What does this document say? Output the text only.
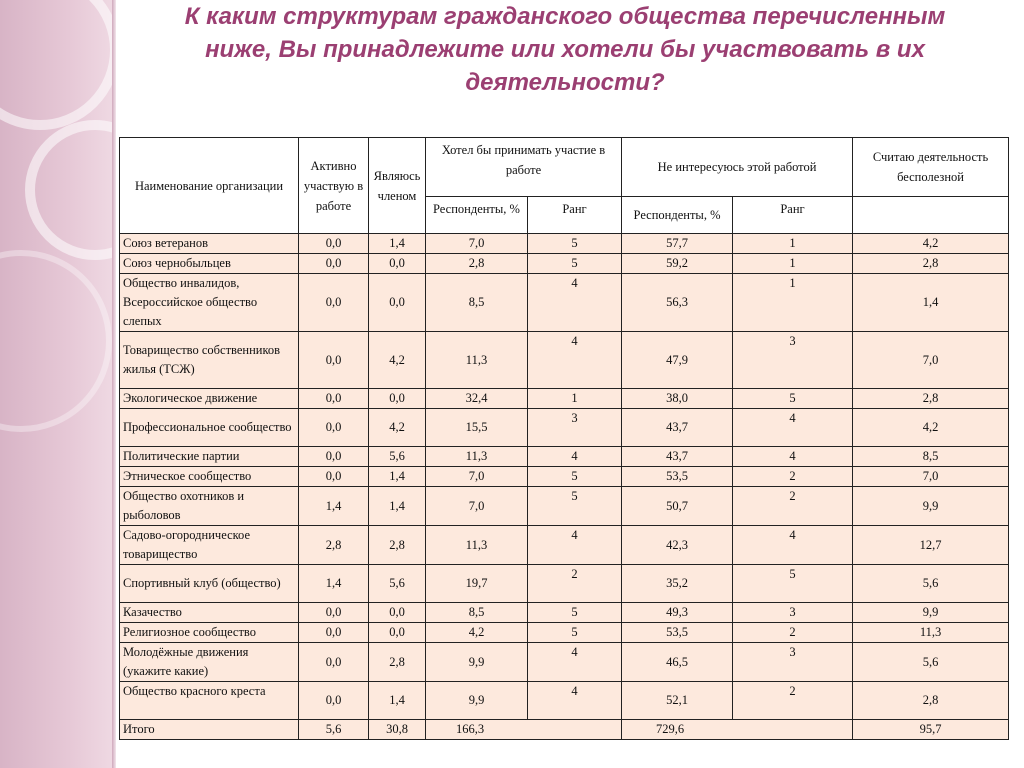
К каким структурам гражданского общества перечисленным ниже, Вы принадлежите или хотели бы участвовать в их деятельности?
Наименование организации	Активно участвую в работе	Являюсь членом	Хотел бы принимать участие в работе		Не интересуюсь этой работой		Считаю деятельность бесполезной
			Респонденты, %	Ранг	Респонденты, %	Ранг	
Союз ветеранов	0,0	1,4	7,0	5	57,7	1	4,2
Союз чернобыльцев	0,0	0,0	2,8	5	59,2	1	2,8
Общество инвалидов, Всероссийское общество слепых	0,0	0,0	8,5	4	56,3	1	1,4
Товарищество собственников жилья (ТСЖ)	0,0	4,2	11,3	4	47,9	3	7,0
Экологическое движение	0,0	0,0	32,4	1	38,0	5	2,8
Профессиональное сообщество	0,0	4,2	15,5	3	43,7	4	4,2
Политические партии	0,0	5,6	11,3	4	43,7	4	8,5
Этническое сообщество	0,0	1,4	7,0	5	53,5	2	7,0
Общество охотников и рыболовов	1,4	1,4	7,0	5	50,7	2	9,9
Садово-огородническое товарищество	2,8	2,8	11,3	4	42,3	4	12,7
Спортивный клуб (общество)	1,4	5,6	19,7	2	35,2	5	5,6
Казачество	0,0	0,0	8,5	5	49,3	3	9,9
Религиозное сообщество	0,0	0,0	4,2	5	53,5	2	11,3
Молодёжные движения (укажите какие)	0,0	2,8	9,9	4	46,5	3	5,6
Общество красного креста	0,0	1,4	9,9	4	52,1	2	2,8
Итого	5,6	30,8	166,3		729,6		95,7
